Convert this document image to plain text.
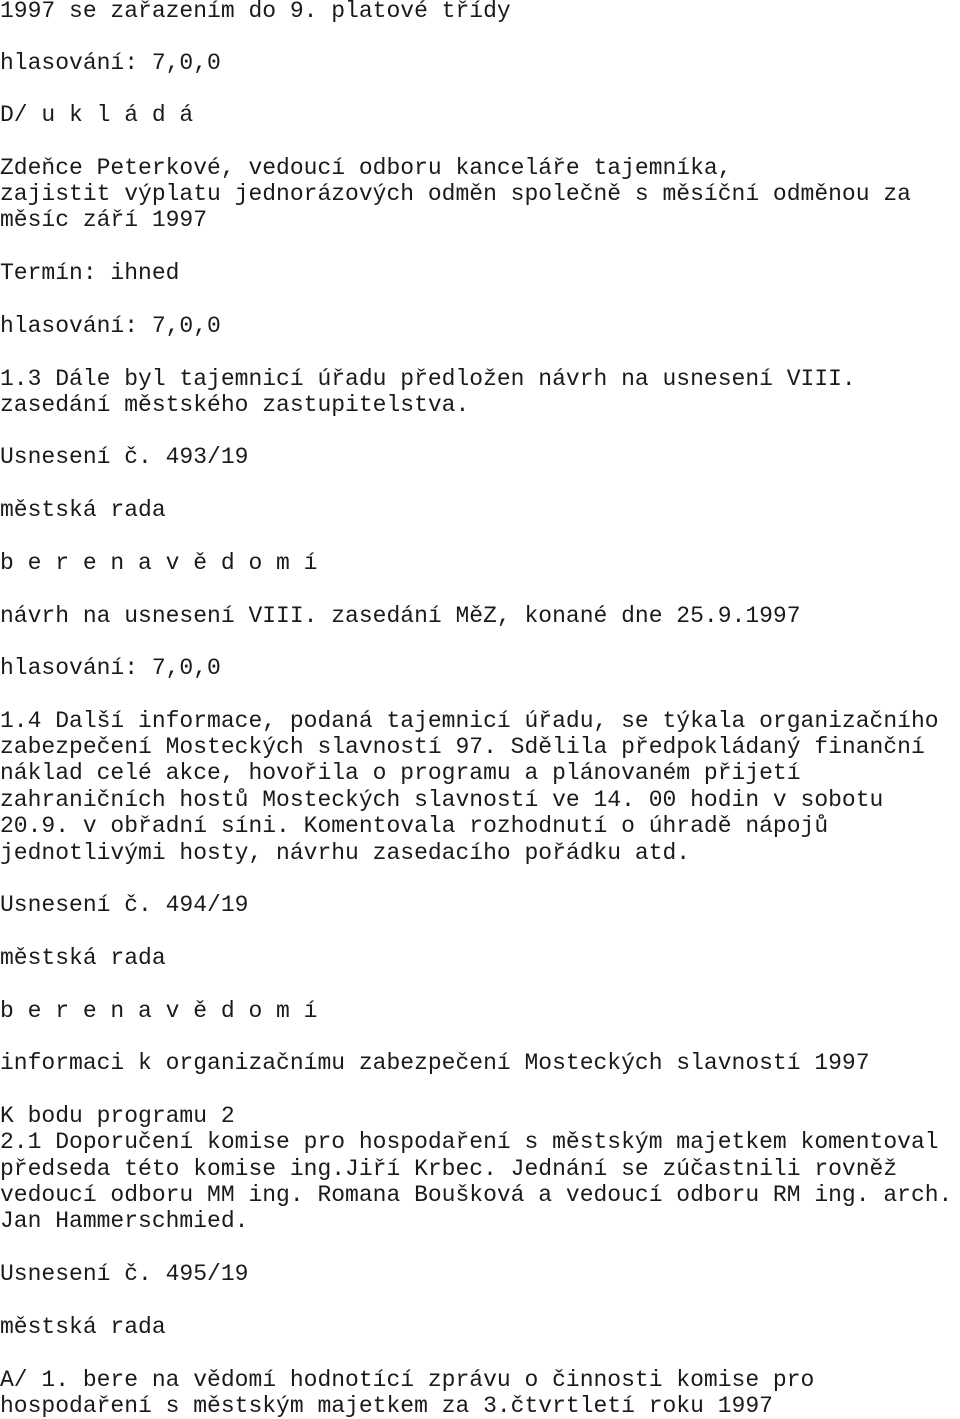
1997 se zařazením do 9. platové třídy

hlasování: 7,0,0

D/ u k l á d á

Zdeňce Peterkové, vedoucí odboru kanceláře tajemníka,

zajistit výplatu jednorázových odměn společně s měsíční odměnou za

měsíc září 1997

Termín: ihned

hlasování: 7,0,0

1.3 Dále byl tajemnicí úřadu předložen návrh na usnesení VIII.

zasedání městského zastupitelstva.

Usnesení č. 493/19

městská rada

b e r e n a v ě d o m í

návrh na usnesení VIII. zasedání MěZ, konané dne 25.9.1997

hlasování: 7,0,0

1.4 Další informace, podaná tajemnicí úřadu, se týkala organizačního

zabezpečení Mosteckých slavností 97. Sdělila předpokládaný finanční

náklad celé akce, hovořila o programu a plánovaném přijetí

zahraničních hostů Mosteckých slavností ve 14. 00 hodin v sobotu

20.9. v obřadní síni. Komentovala rozhodnutí o úhradě nápojů

jednotlivými hosty, návrhu zasedacího pořádku atd.

Usnesení č. 494/19

městská rada

b e r e n a v ě d o m í

informaci k organizačnímu zabezpečení Mosteckých slavností 1997

K bodu programu 2

2.1 Doporučení komise pro hospodaření s městským majetkem komentoval

předseda této komise ing.Jiří Krbec. Jednání se zúčastnili rovněž

vedoucí odboru MM ing. Romana Boušková a vedoucí odboru RM ing. arch.

Jan Hammerschmied.

Usnesení č. 495/19

městská rada

A/ 1. bere na vědomí hodnotící zprávu o činnosti komise pro

hospodaření s městským majetkem za 3.čtvrtletí roku 1997
